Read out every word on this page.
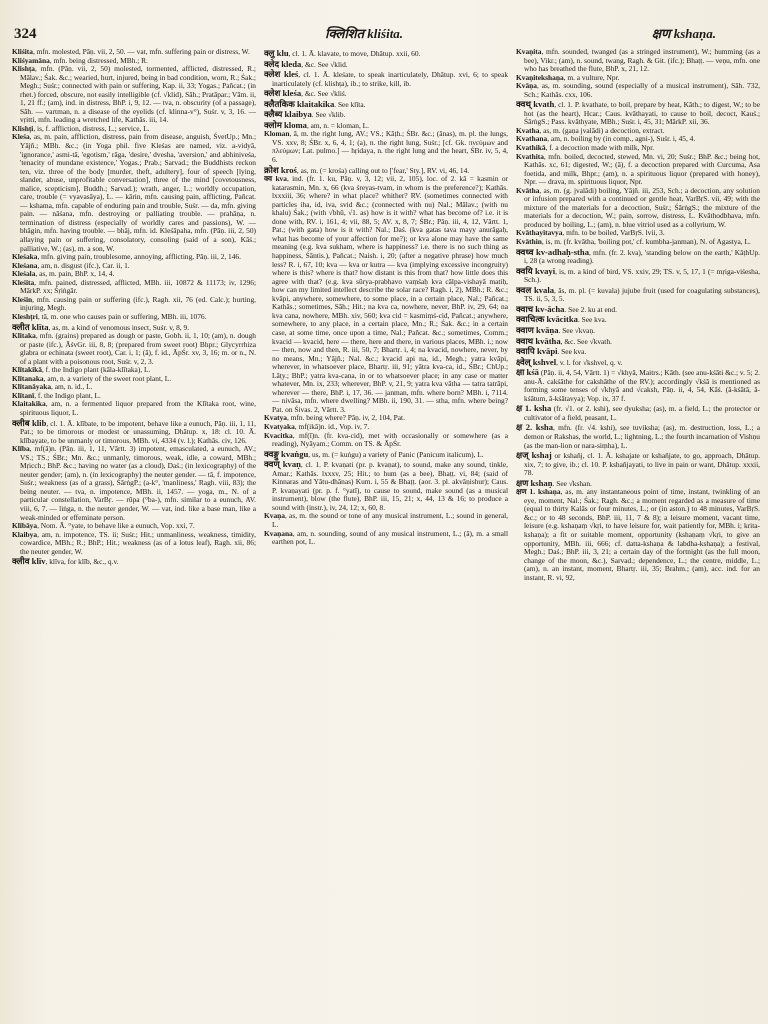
324	क्लिशित kliśita.	क्षण kshaṇa.

Kliśita, mfn. molested, Pāṇ. vii, 2, 50. — vat, mfn. suffering pain or distress, W.

Kliśyamāna, mfn. being distressed, MBh.; R.

Klishṭa, mfn. (Pāṇ. vii, 2, 50) molested, tormented, afflicted, distressed, R.; Mālav.; Śak. &c.; wearied, hurt, injured, being in bad condition, worn, R.; Śak.; Megh.; Suśr.; connected with pain or suffering, Kap. ii, 33; Yogas.; Pañcat.; (in rhet.) forced, obscure, not easily intelligible (cf. √klid), Sāh.; Pratāpar.; Vām. ii, 1, 21 ff.; (am), ind. in distress, BhP. i, 9, 12. — tva, n. obscurity (of a passage), Sāh. — vartman, n. a disease of the eyelids (cf. klinna-v°), Suśr. v, 3, 16. — vṛitti, mfn. leading a wretched life, Kathās. iii, 14.

Klishṭi, is, f. affliction, distress, L.; service, L.

Kleśa, as, m. pain, affliction, distress, pain from disease, anguish, ŚvetUp.; Mn.; Yājñ.; MBh. &c.; (in Yoga phil. five Kleśas are named, viz. a-vidyā, 'ignorance,' asmi-tā, 'egotism,' rāga, 'desire,' dvesha, 'aversion,' and abhiniveśa, 'tenacity of mundane existence,' Yogas.; Prab.; Sarvad.; the Buddhists reckon ten, viz. three of the body [murder, theft, adultery], four of speech [lying, slander, abuse, unprofitable conversation], three of the mind [covetousness, malice, scepticism], Buddh.; Sarvad.); wrath, anger, L.; worldly occupation, care, trouble (= vyavasāya), L. — kārin, mfn. causing pain, afflicting, Pañcat. — kshama, mfn. capable of enduring pain and trouble, Suśr. — da, mfn. giving pain. — nāśana, mfn. destroying or palliating trouble. — prahāṇa, n. termination of distress (especially of worldly cares and passions), W. — bhāgin, mfn. having trouble. — bhāj, mfn. id. Kleśāpaha, mfn. (Pāṇ. iii, 2, 50) allaying pain or suffering, consolatory, consoling (said of a son), Kāś.; palliative, W.; (as), m. a son, W.

Kleśaka, mfn. giving pain, troublesome, annoying, afflicting, Pāṇ. iii, 2, 146.

Kleśana, am, n. disgust (ifc.), Car. ii, 1.

Kleśala, as, m. pain, BhP. x, 14, 4.

Kleśita, mfn. pained, distressed, afflicted, MBh. iii, 10872 & 11173; iv, 1296; MārkP. xx; Śṛiṅgār.

Kleśin, mfn. causing pain or suffering (ifc.), Ragh. xii, 76 (ed. Calc.); hurting, injuring, Megh.

Kleshṭri, tā, m. one who causes pain or suffering, MBh. iii, 1076.

क्लीत klīta, as, m. a kind of venomous insect, Suśr. v, 8, 9.

Klītaka, mfn. (grains) prepared as dough or paste, Gobh. ii, 1, 10; (am), n. dough or paste (ifc.), ĀśvGr. iii, 8, 8; (prepared from sweet root) Bhpr.; Glycyrrhiza glabra or echinata (sweet root), Car. i, 1; (ā), f. id., ĀpŚr. xv, 3, 16; m. or n., N. of a plant with a poisonous root, Suśr. v, 2, 3.

Klītakikā, f. the Indigo plant (kāla-klītaka), L.

Klītanaka, am, n. a variety of the sweet root plant, L.

Klītanāyaka, am, n. id., L.

Klītanī, f. the Indigo plant, L.

Klaitakika, am, n. a fermented liquor prepared from the Klītaka root, wine, spirituous liquor, L.

क्लीब klib, cl. 1. Ā. klībate, to be impotent, behave like a eunuch, Pāṇ. iii, 1, 11, Pat.; to be timorous or modest or unassuming, Dhātup. x, 18: cl. 10. Ā. klībayate, to be unmanly or timorous, MBh. vi, 4334 (v. l.); Kathās. civ, 126.

Klība, mf(ā)n. (Pāṇ. iii, 1, 11, Vārtt. 3) impotent, emasculated, a eunuch, AV.; VS.; TS.; ŚBr.; Mn. &c.; unmanly, timorous, weak, idle, a coward, MBh.; Mṛicch.; BhP. &c.; having no water (as a cloud), Daś.; (in lexicography) of the neuter gender; (am), n. (in lexicography) the neuter gender. — tā, f. impotence, Suśr.; weakness (as of a grass), ŚārṅgP.; (a-k°, 'manliness,' Ragh. viii, 83); the being neuter. — tva, n. impotence, MBh. ii, 1457. — yoga, m., N. of a particular constellation, VarBṛ. — rūpa (°ba-), mfn. similar to a eunuch, AV. viii, 6, 7. — liṅga, n. the neuter gender, W. — vat, ind. like a base man, like a weak-minded or effeminate person.

Klībāya, Nom. Ā. °yate, to behave like a eunuch, Vop. xxi, 7.

Klaibya, am, n. impotence, TS. ii; Suśr.; Hit.; unmanliness, weakness, timidity, cowardice, MBh.; R.; BhP.; Hit.; weakness (as of a lotus leaf), Ragh. xii, 86; the neuter gender, W.

क्लीव klīv, klīva, for klīb, &c., q.v.

क्लु klu, cl. 1. Ā. klavate, to move, Dhātup. xxii, 60.

क्लेद kleda, &c. See √klid.

क्लेश kleś, cl. 1. Ā. kleśate, to speak inarticulately, Dhātup. xvi, 6; to speak inarticulately (cf. klishṭa), ib.; to strike, kill, ib.

क्लेश kleśa, &c. See √kliś.

क्लैतकिक klaitakika. See klīta.

क्लैब्य klaibya. See √klib.

क्लोम kloma, am, n. = kloman, L.

Kloman, ā, m. the right lung, AV.; VS.; Kāṭh.; ŚBr. &c.; (ānas), m. pl. the lungs, VS. xxv, 8; ŚBr. x, 6, 4, 1; (a), n. the right lung, Suśr.; [cf. Gk. πνεύμων and πλεύμων; Lat. pulmo.] — hṛidaya, n. the right lung and the heart, ŚBr. iv, 5, 4, 6.

क्रोश kroś, as, m. (= krośa) calling out to ['fear,' Sty.], RV. vi, 46, 14.

क्व kva, ind. (fr. 1. ku, Pāṇ. v, 3, 12; vii, 2, 105), loc. of 2. kā = kasmin or katarasmin, Mn. x, 66 (kva śreyas-tvam, in whom is the preference?); Kathās. lxxxiii, 36; where? in what place? whither? RV. (sometimes connected with particles iha, id, iva, svid &c.; (connected with nu) Nal.; Mālav.; (with nu khalu) Śak.; (with √bhū, √1. as) how is it with? what has become of? i.e. it is done with, RV. i, 161, 4; vii, 88, 5; AV. x, 8, 7; ŚBr.; Pāṇ. iii, 4, 12, Vārtt. 1, Pat.; (with gata) how is it with? Nal.; Daś. (kva gatas tava mayy anurāgaḥ, what has become of your affection for me?); or kva alone may have the same meaning (e.g. kva sukham, where is happiness? i.e. there is no such thing as happiness, Śāntis.), Pañcat.; Naish. i, 20; (after a negative phrase) how much less? R. i, 67, 10; kva — kva or kutra — kva (implying excessive incongruity) where is this? where is that? how distant is this from that? how little does this agree with that? (e.g. kva sūrya-prabhavo vaṃśaḥ kva cālpa-vishayā matiḥ, how can my limited intellect describe the solar race? Ragh. i, 2), MBh.; R. &c.; kvāpi, anywhere, somewhere, to some place, in a certain place, Nal.; Pañcat.; Kathās.; sometimes, Sāh.; Hit.; na kva ca, nowhere, never, BhP. iv, 29, 64; na kva cana, nowhere, MBh. xiv, 560; kva cid = kasmiṃś-cid, Pañcat.; anywhere, somewhere, to any place, in a certain place, Mn.; R.; Śak. &c.; in a certain case, at some time, once upon a time, Nal.; Pañcat. &c.; sometimes, Comm.; kvacid — kvacid, here — there, here and there, in various places, MBh. i.; now — then, now and then, R. iii, 50, 7; Bhartṛ. i, 4; na kvacid, nowhere, never, by no means, Mn.; Yājñ.; Nal. &c.; kvacid api na, id., Megh.; yatra kvāpi, wherever, in whatsoever place, Bhartṛ. iii, 91; yātra kva-ca, id., ŚBr.; ChUp.; Lāṭy.; BhP.; yatra kva-cana, in or to whatsoever place; in any case or matter whatever, Mn. ix, 233; wherever, BhP. v, 21, 9; yatra kva vātha — tatra tatrāpi, wherever — there, BhP. i, 17, 36. — janman, mfn. where born? MBh. i, 7114. — nivāsa, mfn. where dwelling? MBh. ii, 190, 31. — stha, mfn. where being? Pat. on Śivas. 2, Vārtt. 3.

Kvatya, mfn. being where? Pāṇ. iv, 2, 104, Pat.

Kvatyaka, mf(ikā)n. id., Vop. iv, 7.

Kvacitka, mf(ī)n. (fr. kva-cid), met with occasionally or somewhere (as a reading), Nyāyam.; Comm. on TS. & ĀpŚr.

क्वङ्गु kvaṅgu, us, m. (= kuṅgu) a variety of Panic (Panicum italicum), L.

क्वण् kvaṇ, cl. 1. P. kvaṇati (pr. p. kvaṇat), to sound, make any sound, tinkle, Amar.; Kathās. lxxxv, 25; Hit.; to hum (as a bee), Bhaṭṭ. vi, 84; (said of Kinnaras and Yātu-dhānas) Kum. i, 55 & Bhaṭṭ. (aor. 3. pl. akvāṇishur); Caus. P. kvaṇayati (pr. p. f. °yatī), to cause to sound, make sound (as a musical instrument), blow (the flute), BhP. iii, 15, 21; x, 44, 13 & 16; to produce a sound with (instr.), iv, 24, 12; x, 60, 8.

Kvaṇa, as, m. the sound or tone of any musical instrument, L.; sound in general, L.

Kvaṇana, am, n. sounding, sound of any musical instrument, L.; (ā), m. a small earthen pot, L.

Kvaṇita, mfn. sounded, twanged (as a stringed instrument), W.; humming (as a bee), Vikr.; (am), n. sound, twang, Ragh. & Git. (ifc.); Bhaṭṭ. — veṇu, mfn. one who has breathed the flute, BhP. x, 21, 12.

Kvaṇitekshaṇa, m. a vulture, Npr.

Kvāṇa, as, m. sounding, sound (especially of a musical instrument), Sāh. 732, Sch.; Kathās. cxx, 106.

क्वथ् kvath, cl. 1. P. kvathate, to boil, prepare by heat, Kāth.; to digest, W.; to be hot (as the heart), Hcar.; Caus. kvāthayati, to cause to boil, decoct, Kauś.; ŚārṅgS.; Pass. kvāthyate, MBh.; Suśr. i, 45, 31; MārkP. xii, 36.

Kvatha, as, m. (gaṇa jvalādi) a decoction, extract.

Kvathana, am, n. boiling by (in comp., agni-), Suśr. i, 45, 4.

Kvathikā, f. a decoction made with milk, Npr.

Kvathita, mfn. boiled, decocted, stewed, Mn. vi, 20; Suśr.; BhP. &c.; being hot, Kathās. xc, 61; digested, W.; (ā), f. a decoction prepared with Curcuma, Asa foetida, and milk, Bhpr.; (am), n. a spirituous liquor (prepared with honey), Npr. — drava, m. spirituous liquor, Npr.

Kvātha, as, m. (g. jvalādi) boiling, Yājñ. iii, 253, Sch.; a decoction, any solution or infusion prepared with a continued or gentle heat, VarBṛS. vii, 49; with the mixture of the materials for a decoction, Suśr.; ŚārṅgS.; the mixture of the materials for a decoction, W.; pain, sorrow, distress, L. Kvāthodbhava, mfn. produced by boiling, L.; (am), n. blue vitriol used as a collyrium, W.

Kvāthayitavya, mfn. to be boiled, VarBṛS. lvii, 3.

Kvāthin, is, m. (fr. kvātha, 'boiling pot,' cf. kumbha-janman), N. of Agastya, L.

क्वध्व kv-adhaḥ-stha, mfn. (fr. 2. kva), 'standing below on the earth,' KāṭhUp. i, 28 (a wrong reading).

क्वयि kvayi, is, m. a kind of bird, VS. xxiv, 29; TS. v, 5, 17, 1 (= mṛiga-viśesha, Sch.).

क्वल kvala, ās, m. pl. (= kuvala) jujube fruit (used for coagulating substances), TS. ii, 5, 3, 5.

क्वाच kv-ācha. See 2. ku at end.

क्वाचित्क kvācitka. See kva.

क्वाण kvāṇa. See √kvaṇ.

क्वाथ kvātha, &c. See √kvath.

क्वापि kvāpi. See kva.

क्ष्वेल् kshvel, v. l. for √kshvel, q. v.

क्षा kśā (Pāṇ. ii, 4, 54, Vārtt. 1) = √khyā, Maitrs.; Kāth. (see anu-kśāti &c.; v. 5; 2. anu-Ā. cakśāthe for cakshāthe of the RV.); accordingly √kśā is mentioned as forming some tenses of √khyā and √caksh, Pāṇ. ii, 4, 54, Kāś. (ā-kśātā, ā-kśātum, ā-kśātavya); Vop. ix, 37 f.

क्ष 1. ksha (fr. √1. or 2. kshi), see dyuksha; (as), m. a field, L.; the protector or cultivator of a field, peasant, L.

क्ष 2. ksha, mfn. (fr. √4. kshi), see tuviksha; (as), m. destruction, loss, L.; a demon or Rakshas, the world, L.; lightning, L.; the fourth incarnation of Vishṇu (as the man-lion or nara-siṃha), L.

क्षज् kshaj or kshañj, cl. 1. Ā. kshajate or kshañjate, to go, approach, Dhātup. xix, 7; to give, ib.; cl. 10. P. kshañjayati, to live in pain or want, Dhātup. xxxii, 78.

क्षण kshaṇ. See √kshan.

क्षण 1. kshaṇa, as, m. any instantaneous point of time, instant, twinkling of an eye, moment, Nal.; Śak.; Ragh. &c.; a moment regarded as a measure of time (equal to thirty Kalās or four minutes, L.; or (in aston.) to 48 minutes, VarBṛS. &c.; or to 48 seconds, BhP. iii, 11, 7 & 8); a leisure moment, vacant time, leisure (e.g. kshaṇaṃ √kṛi, to have leisure for, wait patiently for, MBh. i; krita-kshaṇa); a fit or suitable moment, opportunity (kshaṇaṃ √kṛi, to give an opportunity, MBh. iii, 666; cf. datta-kshaṇa & labdha-kshaṇa); a festival, Megh.; Daś.; BhP. iii, 3, 21; a certain day of the fortnight (as the full moon, change of the moon, &c.), Sarvad.; dependence, L.; the centre, middle, L.; (am), n. an instant, moment, Bhartṛ. iii, 35; Brahm.; (am), acc. ind. for an instant, R. vi, 92,
